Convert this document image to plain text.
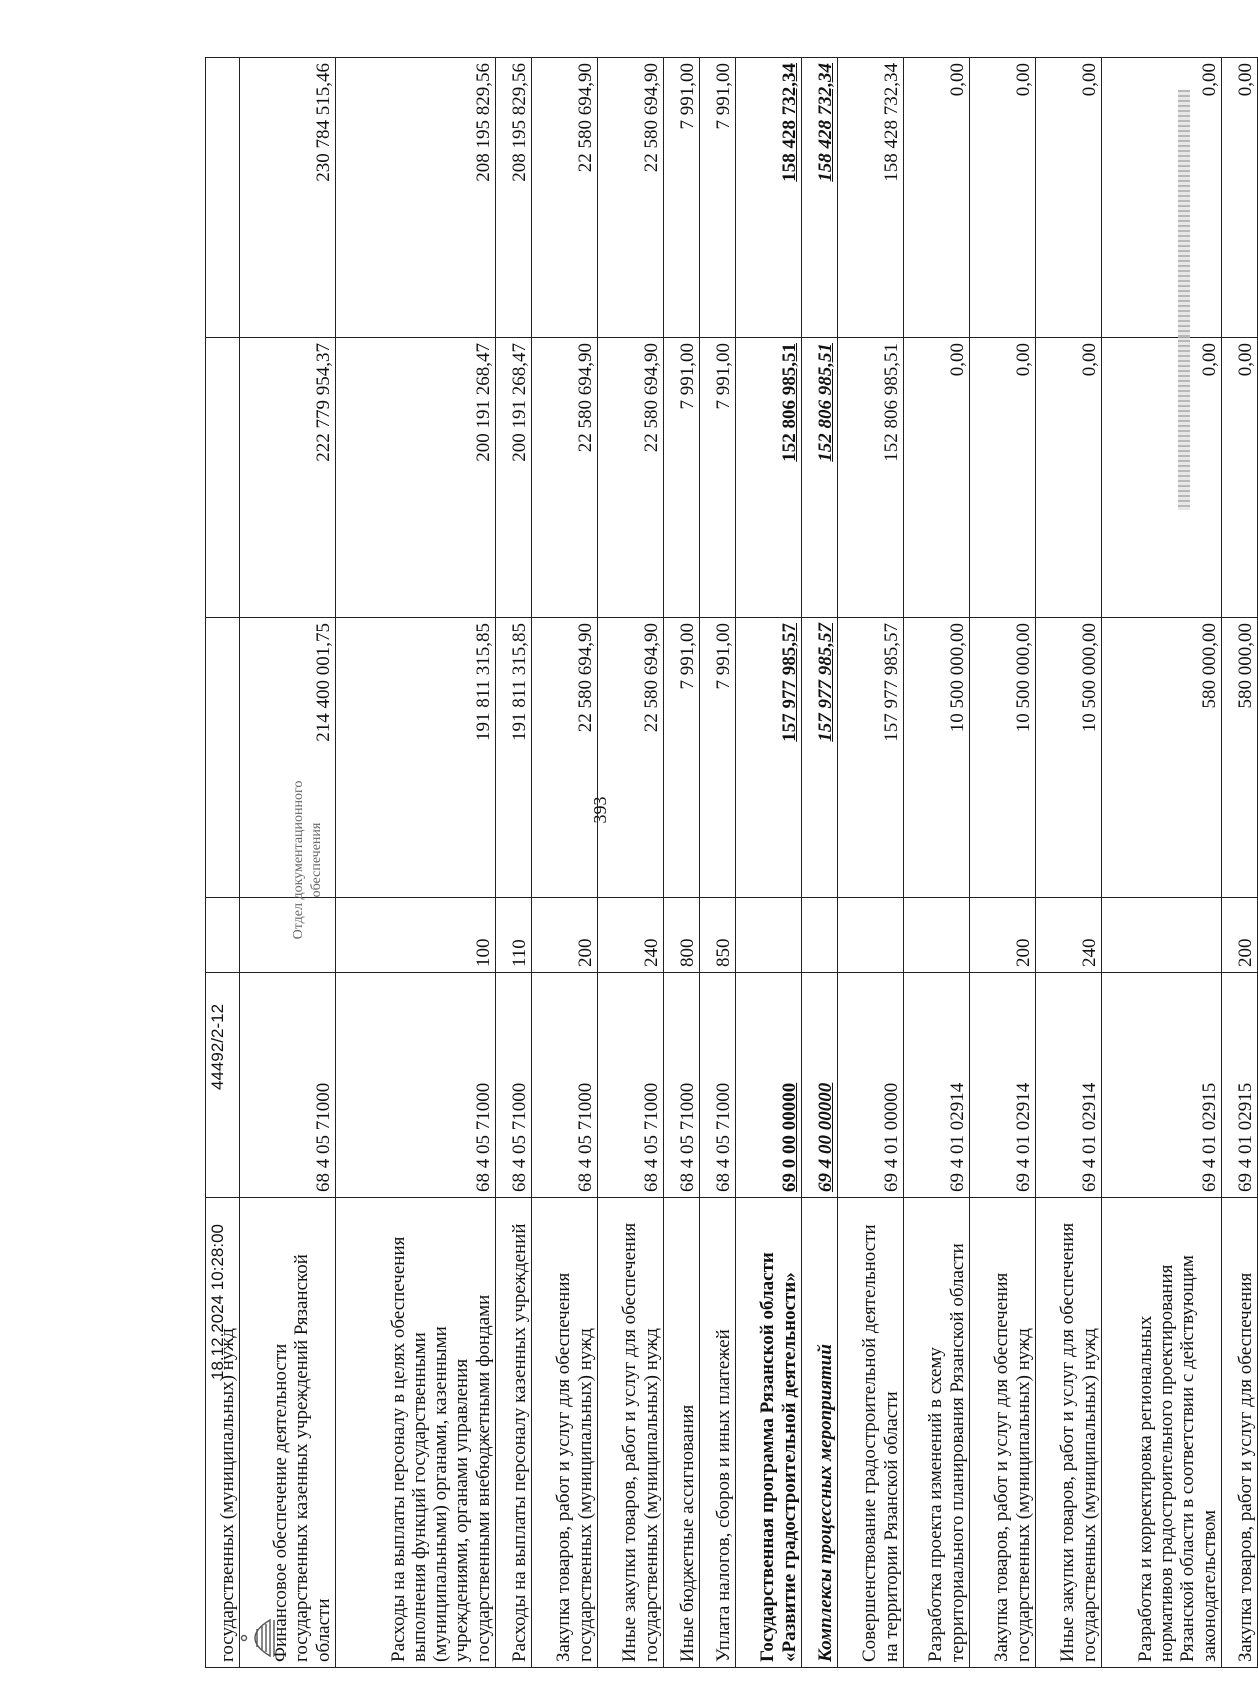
393
государственных (муниципальных) нужд					
Финансовое обеспечение деятельности
государственных казенных учреждений Рязанской
области	68 4 05 71000		214 400 001,75	222 779 954,37	230 784 515,46
Расходы на выплаты персоналу в целях обеспечения
выполнения функций государственными
(муниципальными) органами, казенными
учреждениями, органами управления
государственными внебюджетными фондами	68 4 05 71000	100	191 811 315,85	200 191 268,47	208 195 829,56
Расходы на выплаты персоналу казенных учреждений	68 4 05 71000	110	191 811 315,85	200 191 268,47	208 195 829,56
Закупка товаров, работ и услуг для обеспечения
государственных (муниципальных) нужд	68 4 05 71000	200	22 580 694,90	22 580 694,90	22 580 694,90
Иные закупки товаров, работ и услуг для обеспечения
государственных (муниципальных) нужд	68 4 05 71000	240	22 580 694,90	22 580 694,90	22 580 694,90
Иные бюджетные ассигнования	68 4 05 71000	800	7 991,00	7 991,00	7 991,00
Уплата налогов, сборов и иных платежей	68 4 05 71000	850	7 991,00	7 991,00	7 991,00
Государственная программа Рязанской области
«Развитие градостроительной деятельности»	69 0 00 00000		157 977 985,57	152 806 985,51	158 428 732,34
Комплексы процессных мероприятий	69 4 00 00000		157 977 985,57	152 806 985,51	158 428 732,34
Совершенствование градостроительной деятельности
на территории Рязанской области	69 4 01 00000		157 977 985,57	152 806 985,51	158 428 732,34
Разработка проекта изменений в схему
территориального планирования Рязанской области	69 4 01 02914		10 500 000,00	0,00	0,00
Закупка товаров, работ и услуг для обеспечения
государственных (муниципальных) нужд	69 4 01 02914	200	10 500 000,00	0,00	0,00
Иные закупки товаров, работ и услуг для обеспечения
государственных (муниципальных) нужд	69 4 01 02914	240	10 500 000,00	0,00	0,00
Разработка и корректировка региональных
нормативов градостроительного проектирования
Рязанской области в соответствии с действующим
законодательством	69 4 01 02915		580 000,00	0,00	0,00
Закупка товаров, работ и услуг для обеспечения	69 4 01 02915	200	580 000,00	0,00	0,00
18.12.2024 10:28:00
44492/2-12
Отдел документационного обеспечения
